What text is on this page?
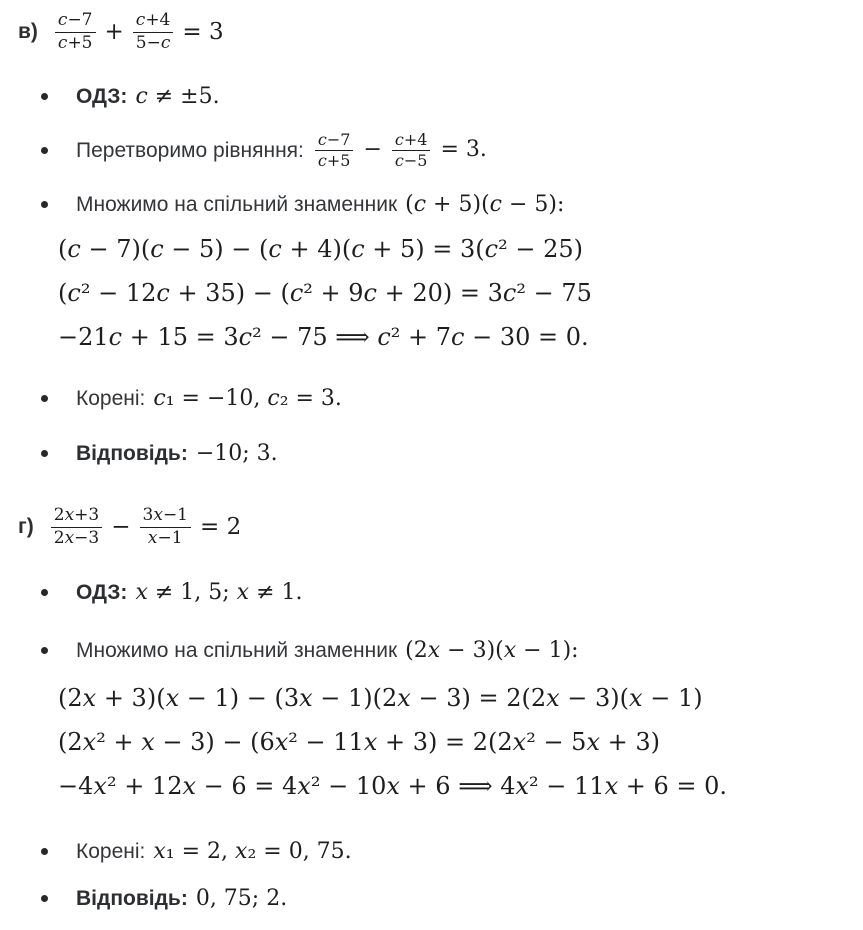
$в) \frac{c-7}{c+5} + \frac{c+4}{5-c} = 3$
ОДЗ: c ≠ ±5.
Перетворимо рівняння: $\frac{c-7}{c+5} - \frac{c+4}{c-5} = 3$.
Множимо на спільний знаменник (c + 5)(c − 5):
(c − 7)(c − 5) − (c + 4)(c + 5) = 3(c² − 25)
(c² − 12c + 35) − (c² + 9c + 20) = 3c² − 75
−21c + 15 = 3c² − 75 ⟹ c² + 7c − 30 = 0.
Корені: c₁ = −10, c₂ = 3.
Відповідь: −10; 3.
$г) \frac{2x+3}{2x-3} - \frac{3x-1}{x-1} = 2$
ОДЗ: x ≠ 1, 5; x ≠ 1.
Множимо на спільний знаменник (2x − 3)(x − 1):
(2x + 3)(x − 1) − (3x − 1)(2x − 3) = 2(2x − 3)(x − 1)
(2x² + x − 3) − (6x² − 11x + 3) = 2(2x² − 5x + 3)
−4x² + 12x − 6 = 4x² − 10x + 6 ⟹ 4x² − 11x + 6 = 0.
Корені: x₁ = 2, x₂ = 0, 75.
Відповідь: 0, 75; 2.
